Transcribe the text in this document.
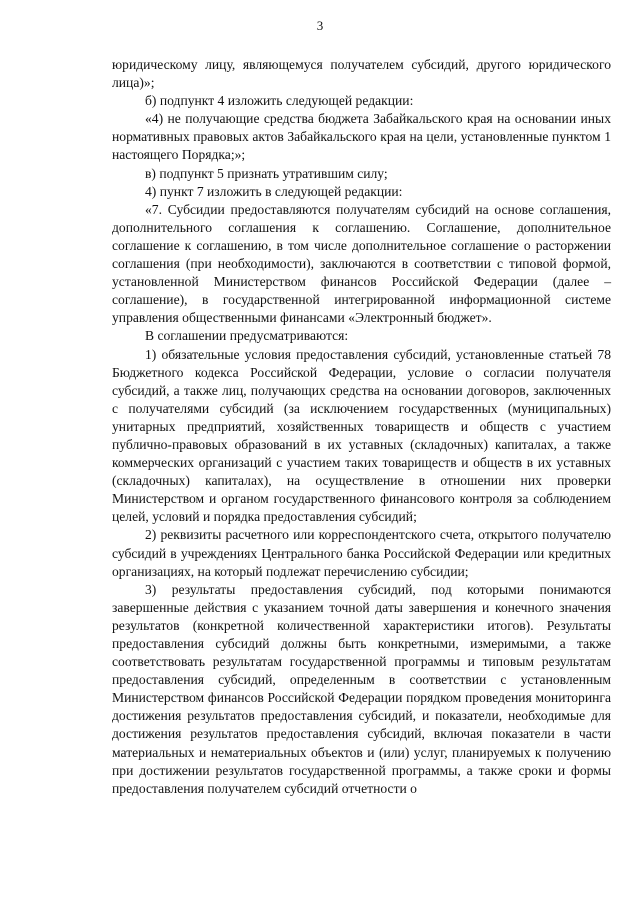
3

юридическому лицу, являющемуся получателем субсидий, другого юридического лица)»;

б) подпункт 4 изложить следующей редакции:

«4) не получающие средства бюджета Забайкальского края на основании иных нормативных правовых актов Забайкальского края на цели, установленные пунктом 1 настоящего Порядка;»;

в) подпункт 5 признать утратившим силу;

4) пункт 7 изложить в следующей редакции:

«7. Субсидии предоставляются получателям субсидий на основе соглашения, дополнительного соглашения к соглашению. Соглашение, дополнительное соглашение к соглашению, в том числе дополнительное соглашение о расторжении соглашения (при необходимости), заключаются в соответствии с типовой формой, установленной Министерством финансов Российской Федерации (далее – соглашение), в государственной интегрированной информационной системе управления общественными финансами «Электронный бюджет».

В соглашении предусматриваются:

1) обязательные условия предоставления субсидий, установленные статьей 78 Бюджетного кодекса Российской Федерации, условие о согласии получателя субсидий, а также лиц, получающих средства на основании договоров, заключенных с получателями субсидий (за исключением государственных (муниципальных) унитарных предприятий, хозяйственных товариществ и обществ с участием публично-правовых образований в их уставных (складочных) капиталах, а также коммерческих организаций с участием таких товариществ и обществ в их уставных (складочных) капиталах), на осуществление в отношении них проверки Министерством и органом государственного финансового контроля за соблюдением целей, условий и порядка предоставления субсидий;

2) реквизиты расчетного или корреспондентского счета, открытого получателю субсидий в учреждениях Центрального банка Российской Федерации или кредитных организациях, на который подлежат перечислению субсидии;

3) результаты предоставления субсидий, под которыми понимаются завершенные действия с указанием точной даты завершения и конечного значения результатов (конкретной количественной характеристики итогов). Результаты предоставления субсидий должны быть конкретными, измеримыми, а также соответствовать результатам государственной программы и типовым результатам предоставления субсидий, определенным в соответствии с установленным Министерством финансов Российской Федерации порядком проведения мониторинга достижения результатов предоставления субсидий, и показатели, необходимые для достижения результатов предоставления субсидий, включая показатели в части материальных и нематериальных объектов и (или) услуг, планируемых к получению при достижении результатов государственной программы, а также сроки и формы предоставления получателем субсидий отчетности о
